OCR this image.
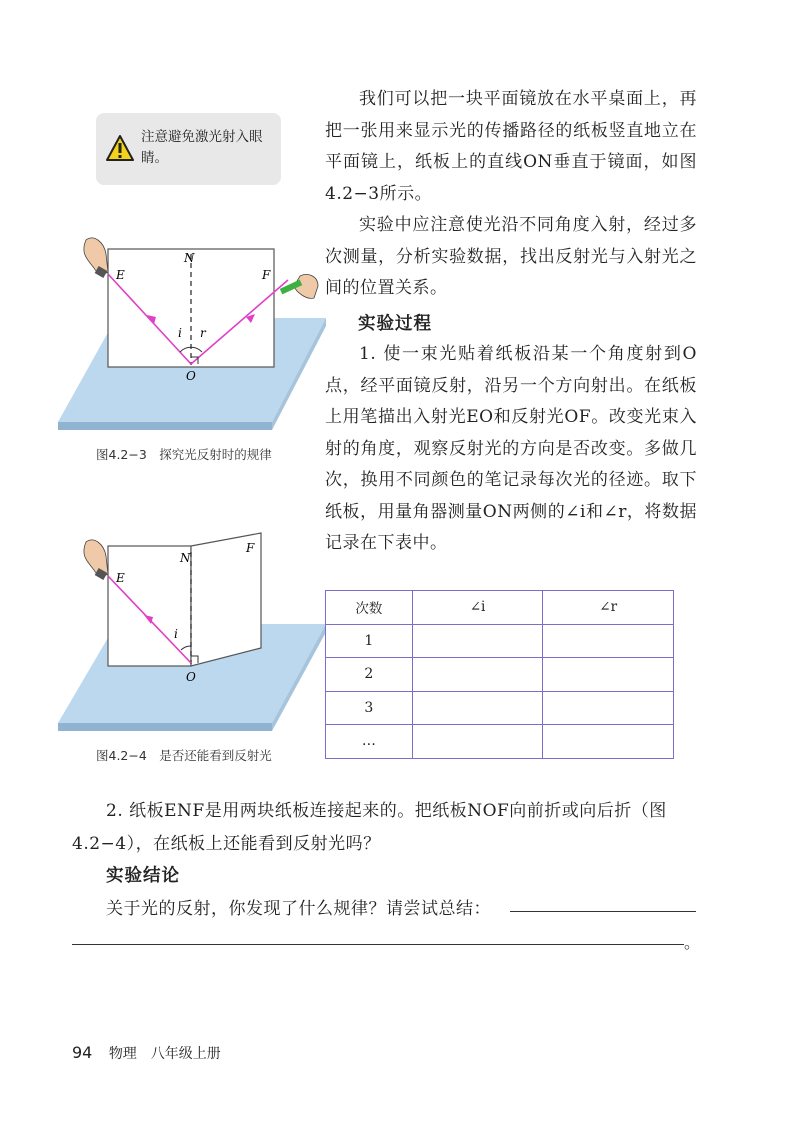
注意避免激光射入眼睛。

我们可以把一块平面镜放在水平桌面上，再把一张用来显示光的传播路径的纸板竖直地立在平面镜上，纸板上的直线ON垂直于镜面，如图4.2−3所示。

实验中应注意使光沿不同角度入射，经过多次测量，分析实验数据，找出反射光与入射光之间的位置关系。

实验过程

1. 使一束光贴着纸板沿某一个角度射到O点，经平面镜反射，沿另一个方向射出。在纸板上用笔描出入射光EO和反射光OF。改变光束入射的角度，观察反射光的方向是否改变。多做几次，换用不同颜色的笔记录每次光的径迹。取下纸板，用量角器测量ON两侧的∠i和∠r，将数据记录在下表中。

N
E	F
i r
O
图4.2−3　探究光反射时的规律
N
E
F
i
O
图4.2−4　是否还能看到反射光
次数	∠i	∠r
1		
2		
3		
…		
2. 纸板ENF是用两块纸板连接起来的。把纸板NOF向前折或向后折（图4.2−4），在纸板上还能看到反射光吗？
实验结论
关于光的反射，你发现了什么规律？请尝试总结：
。
94 物理　八年级上册
